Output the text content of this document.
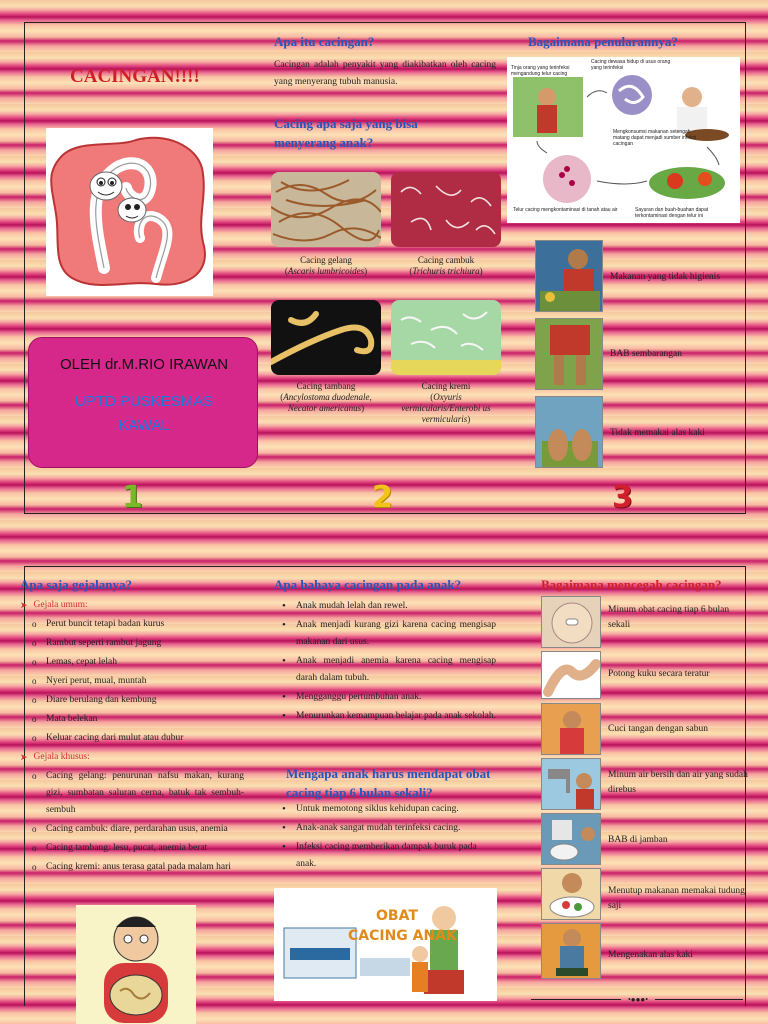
CACINGAN!!!!
OLEH dr.M.RIO IRAWAN
UPTD.PUSKESMAS KAWAL
1	2	3
Apa itu cacingan?

Cacingan adalah penyakit yang diakibatkan oleh cacing yang menyerang tubuh manusia.

Cacing apa saja yang bisa menyerang anak?
Cacing gelang
(Ascaris lumbricoides)
Cacing cambuk
(Trichuris trichiura)
Cacing tambang
(Ancylostoma duodenale, Necator americanus)
Cacing kremi
(Oxyuris vermicularis/Enterobi us vermicularis)
Bagaimana penularannya?
Tinja orang yang terinfeksi mengandung telur cacing
Cacing dewasa hidup di usus orang yang terinfeksi
Mengkonsumsi makanan setengah matang dapat menjadi sumber infeksi cacingan
Telur cacing mengkontaminasi di tanah atau air	Sayuran dan buah-buahan dapat terkontaminasi dengan telur ini
Makanan yang tidak higienis
BAB sembarangan
Tidak memakai alas kaki
Apa saja gejalanya?
➤ Gejala umum:
o Perut buncit tetapi badan kurus
o Rambut seperti rambut jagung
o Lemas, cepat lelah
o Nyeri perut, mual, muntah
o Diare berulang dan kembung
o Mata belekan
o Keluar cacing dari mulut atau dubur
➤ Gejala khusus:
o Cacing gelang: penurunan nafsu makan, kurang gizi, sumbatan saluran cerna, batuk tak sembuh-sembuh
o Cacing cambuk: diare, perdarahan usus, anemia
o Cacing tambang: lesu, pucat, anemia berat
o Cacing kremi: anus terasa gatal pada malam hari
Apa bahaya cacingan pada anak?
• Anak mudah lelah dan rewel.
• Anak menjadi kurang gizi karena cacing mengisap makanan dari usus.
• Anak menjadi anemia karena cacing mengisap darah dalam tubuh.
• Mengganggu pertumbuhan anak.
• Menurunkan kemampuan belajar pada anak sekolah.
Mengapa anak harus mendapat obat cacing tiap 6 bulan sekali?
• Untuk memotong siklus kehidupan cacing.
• Anak-anak sangat mudah terinfeksi cacing.
• Infeksi cacing memberikan dampak buruk pada anak.
OBAT
CACING ANAK
Bagaimana mencegah cacingan?
Minum obat cacing tiap 6 bulan sekali
Potong kuku secara teratur
Cuci tangan dengan sabun
Minum air bersih dan air yang sudah direbus
BAB di jamban
Menutup makanan memakai tudung saji
Mengenakan alas kaki
•●●●•
